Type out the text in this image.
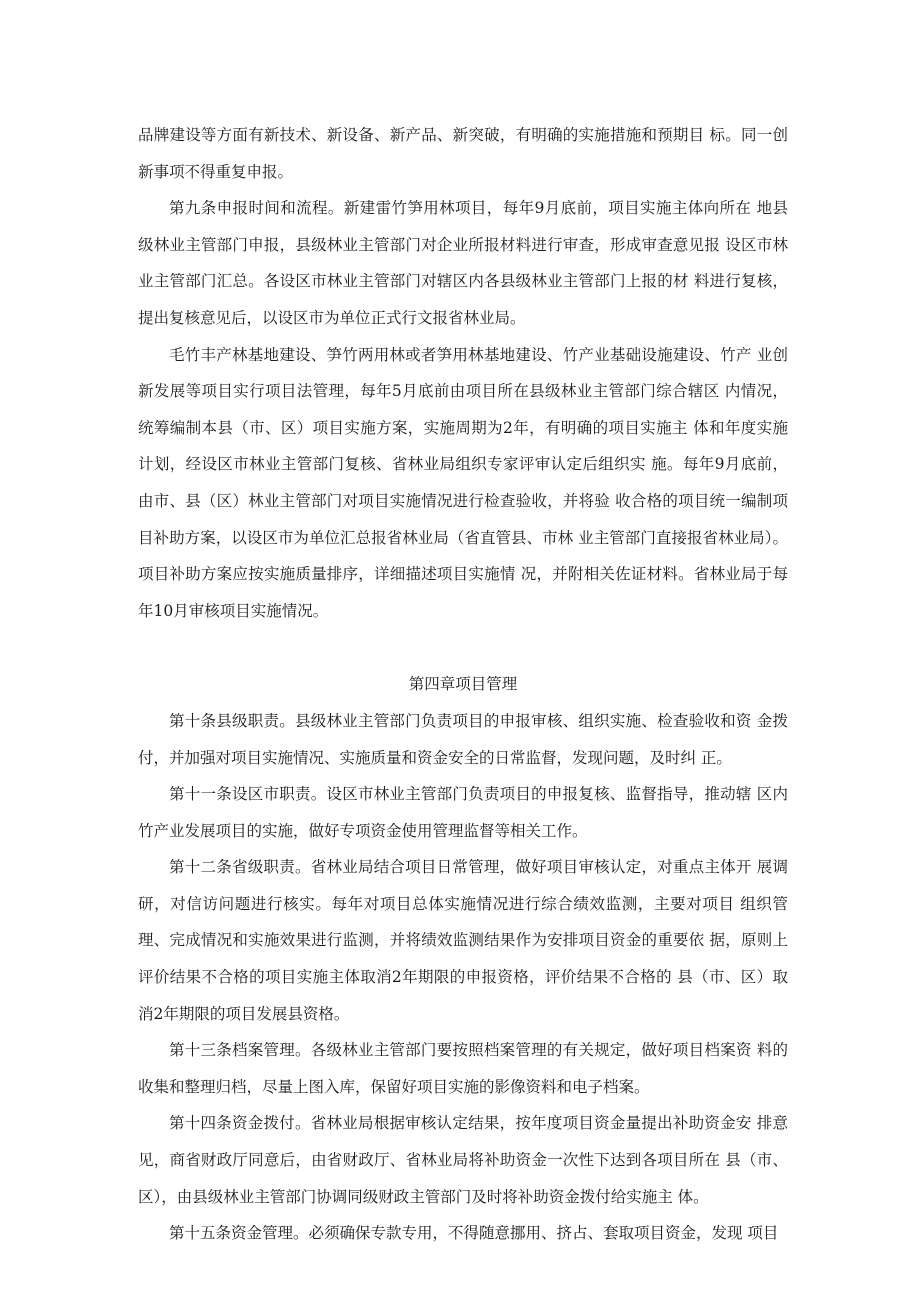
品牌建设等方面有新技术、新设备、新产品、新突破，有明确的实施措施和预期目 标。同一创新事项不得重复申报。

第九条申报时间和流程。新建雷竹笋用林项目，每年9月底前，项目实施主体向所在 地县级林业主管部门申报，县级林业主管部门对企业所报材料进行审查，形成审查意见报 设区市林业主管部门汇总。各设区市林业主管部门对辖区内各县级林业主管部门上报的材 料进行复核，提出复核意见后，以设区市为单位正式行文报省林业局。

毛竹丰产林基地建设、笋竹两用林或者笋用林基地建设、竹产业基础设施建设、竹产 业创新发展等项目实行项目法管理，每年5月底前由项目所在县级林业主管部门综合辖区 内情况，统筹编制本县（市、区）项目实施方案，实施周期为2年，有明确的项目实施主 体和年度实施计划，经设区市林业主管部门复核、省林业局组织专家评审认定后组织实 施。每年9月底前，由市、县（区）林业主管部门对项目实施情况进行检查验收，并将验 收合格的项目统一编制项目补助方案，以设区市为单位汇总报省林业局（省直管县、市林 业主管部门直接报省林业局）。项目补助方案应按实施质量排序，详细描述项目实施情 况，并附相关佐证材料。省林业局于每年10月审核项目实施情况。

第四章项目管理

第十条县级职责。县级林业主管部门负责项目的申报审核、组织实施、检查验收和资 金拨付，并加强对项目实施情况、实施质量和资金安全的日常监督，发现问题，及时纠 正。

第十一条设区市职责。设区市林业主管部门负责项目的申报复核、监督指导，推动辖 区内竹产业发展项目的实施，做好专项资金使用管理监督等相关工作。

第十二条省级职责。省林业局结合项目日常管理，做好项目审核认定，对重点主体开 展调研，对信访问题进行核实。每年对项目总体实施情况进行综合绩效监测，主要对项目 组织管理、完成情况和实施效果进行监测，并将绩效监测结果作为安排项目资金的重要依 据，原则上评价结果不合格的项目实施主体取消2年期限的申报资格，评价结果不合格的 县（市、区）取消2年期限的项目发展县资格。

第十三条档案管理。各级林业主管部门要按照档案管理的有关规定，做好项目档案资 料的收集和整理归档，尽量上图入库，保留好项目实施的影像资料和电子档案。

第十四条资金拨付。省林业局根据审核认定结果，按年度项目资金量提出补助资金安 排意见，商省财政厅同意后，由省财政厅、省林业局将补助资金一次性下达到各项目所在 县（市、区），由县级林业主管部门协调同级财政主管部门及时将补助资金拨付给实施主 体。

第十五条资金管理。必须确保专款专用，不得随意挪用、挤占、套取项目资金，发现 项目
